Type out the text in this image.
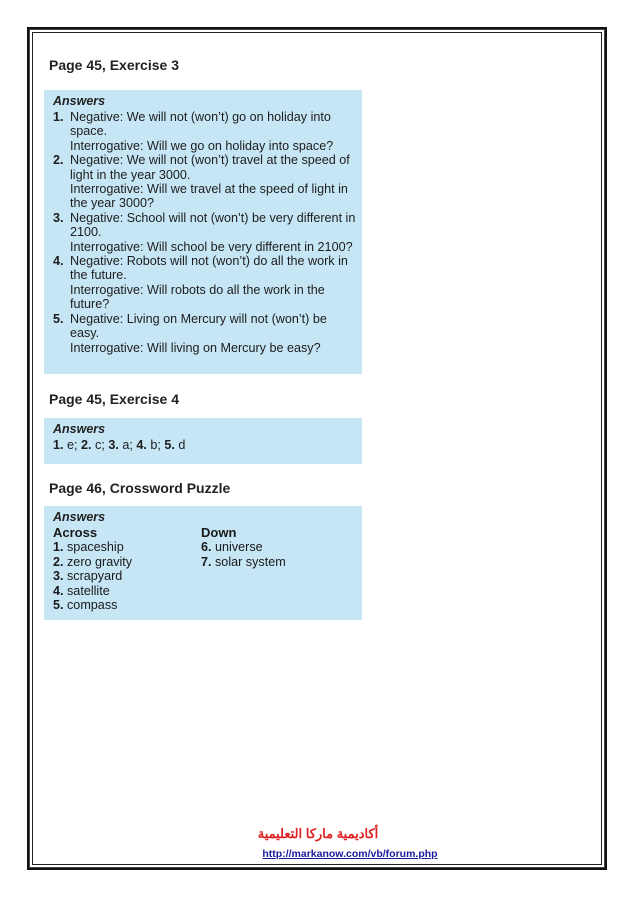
Page 45, Exercise 3
Answers
1. Negative: We will not (won’t) go on holiday into space.
Interrogative: Will we go on holiday into space?
2. Negative: We will not (won’t) travel at the speed of light in the year 3000.
Interrogative: Will we travel at the speed of light in the year 3000?
3. Negative: School will not (won’t) be very different in 2100.
Interrogative: Will school be very different in 2100?
4. Negative: Robots will not (won’t) do all the work in the future.
Interrogative: Will robots do all the work in the future?
5. Negative: Living on Mercury will not (won’t) be easy.
Interrogative: Will living on Mercury be easy?
Page 45, Exercise 4
Answers
1. e; 2. c; 3. a; 4. b; 5. d
Page 46, Crossword Puzzle
Answers
Across
1. spaceship
2. zero gravity
3. scrapyard
4. satellite
5. compass
Down
6. universe
7. solar system
أكاديمية ماركا التعليمية
http://markanow.com/vb/forum.php
